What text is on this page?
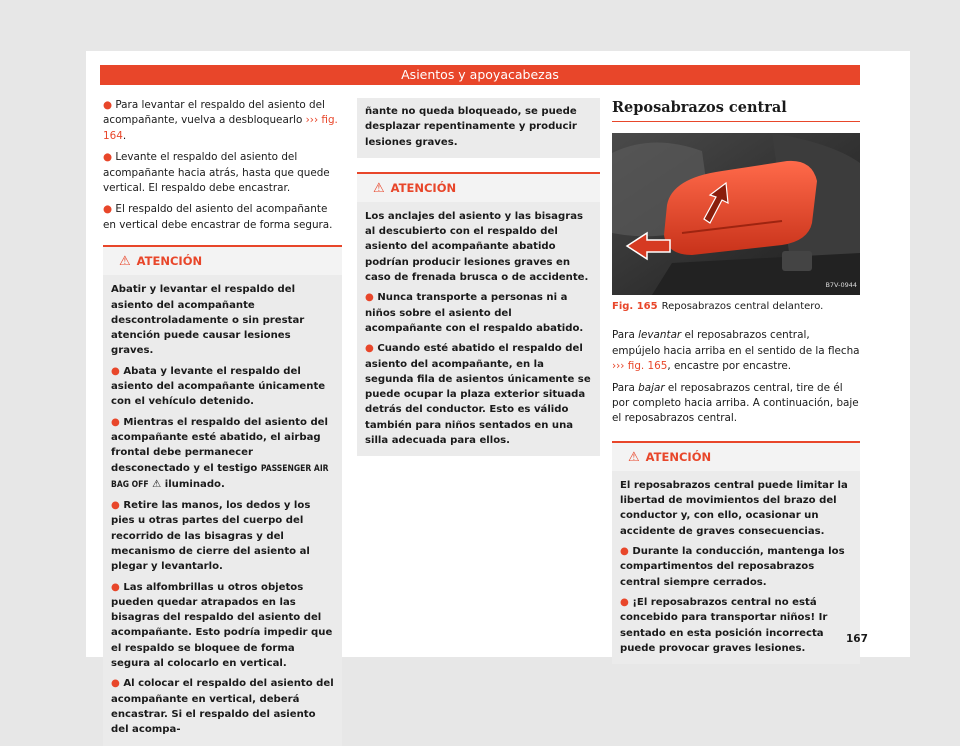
Asientos y apoyacabezas

● Para levantar el respaldo del asiento del acompañante, vuelva a desbloquearlo ››› fig. 164.

● Levante el respaldo del asiento del acompañante hacia atrás, hasta que quede vertical. El respaldo debe encastrar.

● El respaldo del asiento del acompañante en vertical debe encastrar de forma segura.

⚠ ATENCIÓN

Abatir y levantar el respaldo del asiento del acompañante descontroladamente o sin prestar atención puede causar lesiones graves.

● Abata y levante el respaldo del asiento del acompañante únicamente con el vehículo detenido.

● Mientras el respaldo del asiento del acompañante esté abatido, el airbag frontal debe permanecer desconectado y el testigo PASSENGER AIR BAG OFF ⚠ iluminado.

● Retire las manos, los dedos y los pies u otras partes del cuerpo del recorrido de las bisagras y del mecanismo de cierre del asiento al plegar y levantarlo.

● Las alfombrillas u otros objetos pueden quedar atrapados en las bisagras del respaldo del asiento del acompañante. Esto podría impedir que el respaldo se bloquee de forma segura al colocarlo en vertical.

● Al colocar el respaldo del asiento del acompañante en vertical, deberá encastrar. Si el respaldo del asiento del acompa-

ñante no queda bloqueado, se puede desplazar repentinamente y producir lesiones graves.
⚠ ATENCIÓN

Los anclajes del asiento y las bisagras al descubierto con el respaldo del asiento del acompañante abatido podrían producir lesiones graves en caso de frenada brusca o de accidente.

● Nunca transporte a personas ni a niños sobre el asiento del acompañante con el respaldo abatido.

● Cuando esté abatido el respaldo del asiento del acompañante, en la segunda fila de asientos únicamente se puede ocupar la plaza exterior situada detrás del conductor. Esto es válido también para niños sentados en una silla adecuada para ellos.

Reposabrazos central
B7V-0944
Fig. 165 Reposabrazos central delantero.

Para levantar el reposabrazos central, empújelo hacia arriba en el sentido de la flecha ››› fig. 165, encastre por encastre.

Para bajar el reposabrazos central, tire de él por completo hacia arriba. A continuación, baje el reposabrazos central.

⚠ ATENCIÓN

El reposabrazos central puede limitar la libertad de movimientos del brazo del conductor y, con ello, ocasionar un accidente de graves consecuencias.

● Durante la conducción, mantenga los compartimentos del reposabrazos central siempre cerrados.

● ¡El reposabrazos central no está concebido para transportar niños! Ir sentado en esta posición incorrecta puede provocar graves lesiones.

167
